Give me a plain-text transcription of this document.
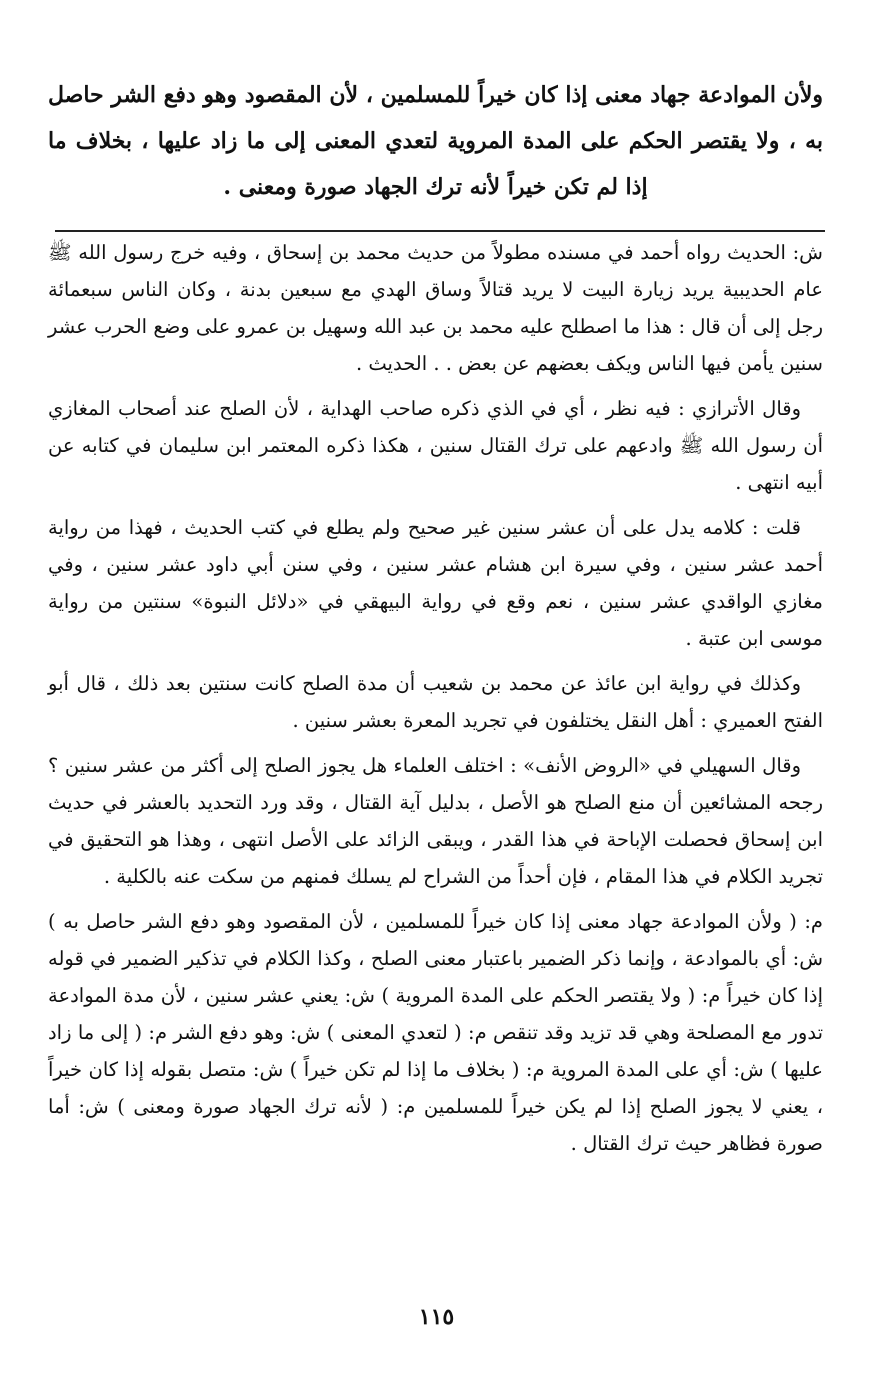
ولأن الموادعة جهاد معنى إذا كان خيراً للمسلمين ، لأن المقصود وهو دفع الشر حاصل به ، ولا يقتصر الحكم على المدة المروية لتعدي المعنى إلى ما زاد عليها ، بخلاف ما إذا لم تكن خيراً لأنه ترك الجهاد صورة ومعنى .

ش: الحديث رواه أحمد في مسنده مطولاً من حديث محمد بن إسحاق ، وفيه خرج رسول الله ﷺ عام الحديبية يريد زيارة البيت لا يريد قتالاً وساق الهدي مع سبعين بدنة ، وكان الناس سبعمائة رجل إلى أن قال : هذا ما اصطلح عليه محمد بن عبد الله وسهيل بن عمرو على وضع الحرب عشر سنين يأمن فيها الناس ويكف بعضهم عن بعض . . الحديث .

وقال الأترازي : فيه نظر ، أي في الذي ذكره صاحب الهداية ، لأن الصلح عند أصحاب المغازي أن رسول الله ﷺ وادعهم على ترك القتال سنين ، هكذا ذكره المعتمر ابن سليمان في كتابه عن أبيه انتهى .

قلت : كلامه يدل على أن عشر سنين غير صحيح ولم يطلع في كتب الحديث ، فهذا من رواية أحمد عشر سنين ، وفي سيرة ابن هشام عشر سنين ، وفي سنن أبي داود عشر سنين ، وفي مغازي الواقدي عشر سنين ، نعم وقع في رواية البيهقي في «دلائل النبوة» سنتين من رواية موسى ابن عتبة .

وكذلك في رواية ابن عائذ عن محمد بن شعيب أن مدة الصلح كانت سنتين بعد ذلك ، قال أبو الفتح العميري : أهل النقل يختلفون في تجريد المعرة بعشر سنين .

وقال السهيلي في «الروض الأنف» : اختلف العلماء هل يجوز الصلح إلى أكثر من عشر سنين ؟ رجحه المشائعين أن منع الصلح هو الأصل ، بدليل آية القتال ، وقد ورد التحديد بالعشر في حديث ابن إسحاق فحصلت الإباحة في هذا القدر ، ويبقى الزائد على الأصل انتهى ، وهذا هو التحقيق في تجريد الكلام في هذا المقام ، فإن أحداً من الشراح لم يسلك فمنهم من سكت عنه بالكلية .

م: ( ولأن الموادعة جهاد معنى إذا كان خيراً للمسلمين ، لأن المقصود وهو دفع الشر حاصل به ) ش: أي بالموادعة ، وإنما ذكر الضمير باعتبار معنى الصلح ، وكذا الكلام في تذكير الضمير في قوله إذا كان خيراً م: ( ولا يقتصر الحكم على المدة المروية ) ش: يعني عشر سنين ، لأن مدة الموادعة تدور مع المصلحة وهي قد تزيد وقد تنقص م: ( لتعدي المعنى ) ش: وهو دفع الشر م: ( إلى ما زاد عليها ) ش: أي على المدة المروية م: ( بخلاف ما إذا لم تكن خيراً ) ش: متصل بقوله إذا كان خيراً ، يعني لا يجوز الصلح إذا لم يكن خيراً للمسلمين م: ( لأنه ترك الجهاد صورة ومعنى ) ش: أما صورة فظاهر حيث ترك القتال .

١١٥
